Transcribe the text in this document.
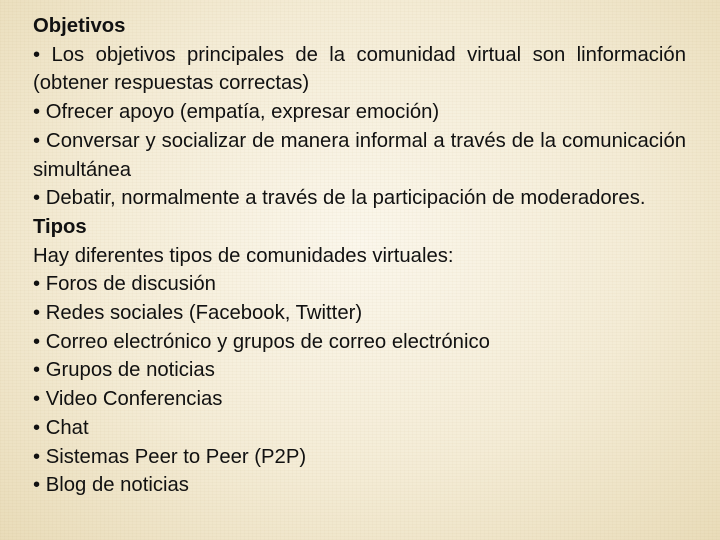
Objetivos

• Los objetivos principales de la comunidad virtual son linformación (obtener respuestas correctas)

• Ofrecer apoyo (empatía, expresar emoción)

• Conversar y socializar de manera informal a través de la comunicación simultánea

• Debatir, normalmente a través de la participación de moderadores.

Tipos

Hay diferentes tipos de comunidades virtuales:

• Foros de discusión

• Redes sociales (Facebook, Twitter)

• Correo electrónico y grupos de correo electrónico

• Grupos de noticias

• Video Conferencias

• Chat

• Sistemas Peer to Peer (P2P)

• Blog de noticias
